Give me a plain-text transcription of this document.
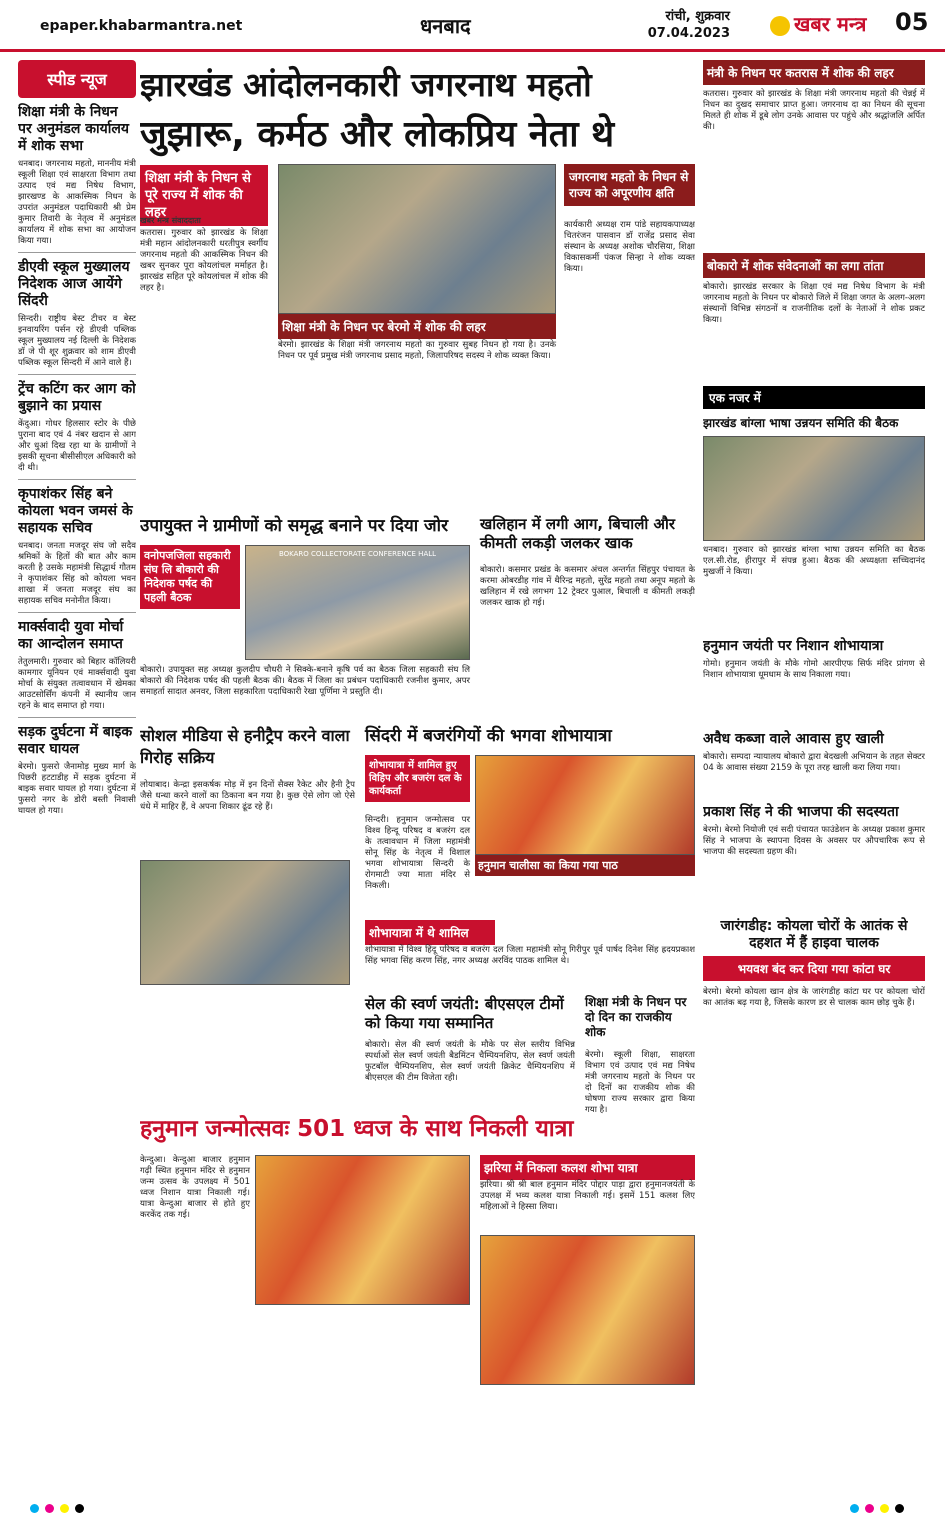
epaper.khabarmantra.net	धनबाद	रांची, शुक्रवार
07.04.2023	खबर मन्त्र 05
स्पीड न्यूज
शिक्षा मंत्री के निधन पर अनुमंडल कार्यालय में शोक सभा
धनबाद। जगरनाथ महतो, माननीय मंत्री स्कूली शिक्षा एवं साक्षरता विभाग तथा उत्पाद एवं मद्य निषेध विभाग, झारखण्ड के आकस्मिक निधन के उपरांत अनुमंडल पदाधिकारी श्री प्रेम कुमार तिवारी के नेतृत्व में अनुमंडल कार्यालय में शोक सभा का आयोजन किया गया।
डीएवी स्कूल मुख्यालय निदेशक आज आयेंगे सिंदरी
सिन्दरी। राष्ट्रीय बेस्ट टीचर व बेस्ट इनवायरिंग पर्सन रहे डीएवी पब्लिक स्कूल मुख्यालय नई दिल्ली के निदेशक डॉ जे पी शूर शुक्रवार को शाम डीएवी पब्लिक स्कूल सिन्दरी में आने वाले हैं।
ट्रेंच कटिंग कर आग को बुझाने का प्रयास
केंदुआ। गोधर हिलसार स्टोर के पीछे पुराना बाद एवं 4 नंबर खदान से आग और धुआं दिख रहा था के ग्रामीणों ने इसकी सूचना बीसीसीएल अधिकारी को दी थी।
कृपाशंकर सिंह बने कोयला भवन जमसं के सहायक सचिव
धनबाद। जनता मजदूर संघ जो सदैव श्रमिकों के हितों की बात और काम करती है उसके महामंत्री सिद्धार्थ गौतम ने कृपाशंकर सिंह को कोयला भवन शाखा में जनता मजदूर संघ का सहायक सचिव मनोनीत किया।
मार्क्सवादी युवा मोर्चा का आन्दोलन समाप्त
तेतुलमारी। गुरुवार को बिहार कॉलियरी कामगार यूनियन एवं मार्क्सवादी युवा मोर्चा के संयुक्त तत्वावधान में खेमका आउटसोर्सिंग कंपनी में स्थानीय जान रहने के बाद समाप्त हो गया।
सड़क दुर्घटना में बाइक सवार घायल
बेरमो। फुसरो जैनामोड़ मुख्य मार्ग के पिछरी हटटाडीह में सड़क दुर्घटना में बाइक सवार घायल हो गया। दुर्घटना में फुसरो नगर के डोरी बस्ती निवासी घायल हो गया।
झारखंड आंदोलनकारी जगरनाथ महतो
जुझारू, कर्मठ और लोकप्रिय नेता थे
शिक्षा मंत्री के निधन से पूरे राज्य में शोक की लहर
खबर मन्त्र संवाददाता
कतरास। गुरुवार को झारखंड के शिक्षा मंत्री महान आंदोलनकारी धरतीपुत्र स्वर्गीय जगरनाथ महतो की आकस्मिक निधन की खबर सुनकर पूरा कोयलांचल मर्माहत है। झारखंड सहित पूरे कोयलांचल में शोक की लहर है।
शिक्षा मंत्री के निधन पर बेरमो में शोक की लहर
बेरमो। झारखंड के शिक्षा मंत्री जगरनाथ महतो का गुरुवार सुबह निधन हो गया है। उनके निधन पर पूर्व प्रमुख मंत्री जगरनाथ प्रसाद महतो, जिलापरिषद सदस्य ने शोक व्यक्त किया।
जगरनाथ महतो के निधन से राज्य को अपूरणीय क्षति
कार्यकारी अध्यक्ष राम पांडे सहायकपाध्यक्ष चितरंजन पासवान डॉ राजेंद्र प्रसाद सेवा संस्थान के अध्यक्ष अशोक चौरसिया, शिक्षा विकासकर्मी पंकज सिन्हा ने शोक व्यक्त किया।
उपायुक्त ने ग्रामीणों को समृद्ध बनाने पर दिया जोर
वनोपजजिला सहकारी संघ लि बोकारो की निदेशक पर्षद की पहली बैठक
BOKARO COLLECTORATE CONFERENCE HALL
बोकारो। उपायुक्त सह अध्यक्ष कुलदीप चौधरी ने सिक्के-बनाने कृषि पर्व का बैठक जिला सहकारी संघ लि बोकारो की निदेशक पर्षद की पहली बैठक की। बैठक में जिला का प्रबंधन पदाधिकारी रजनीश कुमार, अपर समाहर्ता सादात अनवर, जिला सहकारिता पदाधिकारी रेखा पूर्णिमा ने प्रस्तुति दी।
खलिहान में लगी आग, बिचाली और कीमती लकड़ी जलकर खाक
बोकारो। कसमार प्रखंड के कसमार अंचल अन्तर्गत सिंहपुर पंचायत के करमा ओबरडीह गांव में थैरिन्द्र महतो, सुरेंद्र महतो तथा अनूप महतो के खलिहान में रखे लगभग 12 ट्रेक्टर पुआल, बिचाली व कीमती लकड़ी जलकर खाक हो गई।
सोशल मीडिया से हनीट्रैप करने वाला गिरोह सक्रिय
लोयाबाद। केन्द्रा इसकर्षक मोड़ में इन दिनों सैक्स रैकेट और हैनी ट्रैप जैसे धन्धा करने वालों का ठिकाना बन गया है। कुछ ऐसे लोग जो ऐसे धंधे में माहिर हैं, वे अपना शिकार ढूंढ रहे हैं।
सिंदरी में बजरंगियों की भगवा शोभायात्रा
शोभायात्रा में शामिल हुए विहिप और बजरंग दल के कार्यकर्ता
सिन्दरी। हनुमान जन्मोत्सव पर विश्व हिन्दू परिषद व बजरंग दल के तत्वावधान में जिला महामंत्री सोनू सिंह के नेतृत्व में विशाल भगवा शोभायात्रा सिन्दरी के रोगमाटी ज्या माता मंदिर से निकली।
हनुमान चालीसा का किया गया पाठ
शोभायात्रा में थे शामिल
शोभायात्रा में विश्व हिंदू परिषद व बजरंग दल जिला महामंत्री सोनू गिरीपुर पूर्व पार्षद दिनेश सिंह ह्रदयप्रकाश सिंह भगवा सिंह करण सिंह, नगर अध्यक्ष अरविंद पाठक शामिल थे।
सेल की स्वर्ण जयंती: बीएसएल टीमों को किया गया सम्मानित
बोकारो। सेल की स्वर्ण जयंती के मौके पर सेल स्तरीय विभिन्न स्पर्धाओं सेल स्वर्ण जयंती बैडमिंटन चैम्पियनशिप, सेल स्वर्ण जयंती फुटबॉल चैम्पियनशिप, सेल स्वर्ण जयंती क्रिकेट चैम्पियनशिप में बीएसएल की टीम विजेता रही।
शिक्षा मंत्री के निधन पर दो दिन का राजकीय शोक
बेरमो। स्कूली शिक्षा, साक्षरता विभाग एवं उत्पाद एवं मद्य निषेध मंत्री जगरनाथ महतो के निधन पर दो दिनों का राजकीय शोक की घोषणा राज्य सरकार द्वारा किया गया है।
हनुमान जन्मोत्सवः 501 ध्वज के साथ निकली यात्रा
केन्दुआ। केन्दुआ बाजार हनुमान गढ़ी स्थित हनुमान मंदिर से हनुमान जन्म उत्सव के उपलक्ष्य में 501 ध्वज निशान यात्रा निकाली गई। यात्रा केन्दुआ बाजार से होते हुए करकेंद तक गई।
झरिया में निकला कलश शोभा यात्रा
झरिया। श्री श्री बाल हनुमान मंदिर पोद्दार पाड़ा द्वारा हनुमानजयंती के उपलक्ष में भव्य कलश यात्रा निकाली गई। इसमें 151 कलश लिए महिलाओं ने हिस्सा लिया।
मंत्री के निधन पर कतरास में शोक की लहर
कतरास। गुरुवार को झारखंड के शिक्षा मंत्री जगरनाथ महतो की चेन्नई में निधन का दुखद समाचार प्राप्त हुआ। जगरनाथ दा का निधन की सूचना मिलते ही शोक में डूबे लोग उनके आवास पर पहुंचे और श्रद्धांजलि अर्पित की।
बोकारो में शोक संवेदनाओं का लगा तांता
बोकारो। झारखंड सरकार के शिक्षा एवं मद्य निषेध विभाग के मंत्री जगरनाथ महतो के निधन पर बोकारो जिले में शिक्षा जगत के अलग-अलग संस्थानों विभिन्न संगठनों व राजनीतिक दलों के नेताओं ने शोक प्रकट किया।
एक नजर में
झारखंड बांग्ला भाषा उन्नयन समिति की बैठक
धनबाद। गुरुवार को झारखंड बांग्ला भाषा उन्नयन समिति का बैठक एल.सी.रोड, हीरापुर में संपन्न हुआ। बैठक की अध्यक्षता सच्चिदानंद मुखर्जी ने किया।
हनुमान जयंती पर निशान शोभायात्रा
गोमो। हनुमान जयंती के मौके गोमो आरपीएफ सिर्फ मंदिर प्रांगण से निशान शोभायात्रा धूमधाम के साथ निकाला गया।
अवैध कब्जा वाले आवास हुए खाली
बोकारो। सम्पदा न्यायालय बोकारो द्वारा बेदखली अभियान के तहत सेक्टर 04 के आवास संख्या 2159 के पूरा तरह खाली करा लिया गया।
प्रकाश सिंह ने की भाजपा की सदस्यता
बेरमो। बेरमो नियोजी एवं सदी पंचायत फाउंडेशन के अध्यक्ष प्रकाश कुमार सिंह ने भाजपा के स्थापना दिवस के अवसर पर औपचारिक रूप से भाजपा की सदस्यता ग्रहण की।
जारंगडीह: कोयला चोरों के आतंक से दहशत में हैं हाइवा चालक
भयवश बंद कर दिया गया कांटा घर
बेरमो। बेरमो कोयला खान क्षेत्र के जारंगडीह कांटा घर पर कोयला चोरों का आतंक बढ़ गया है, जिसके कारण डर से चालक काम छोड़ चुके हैं।
